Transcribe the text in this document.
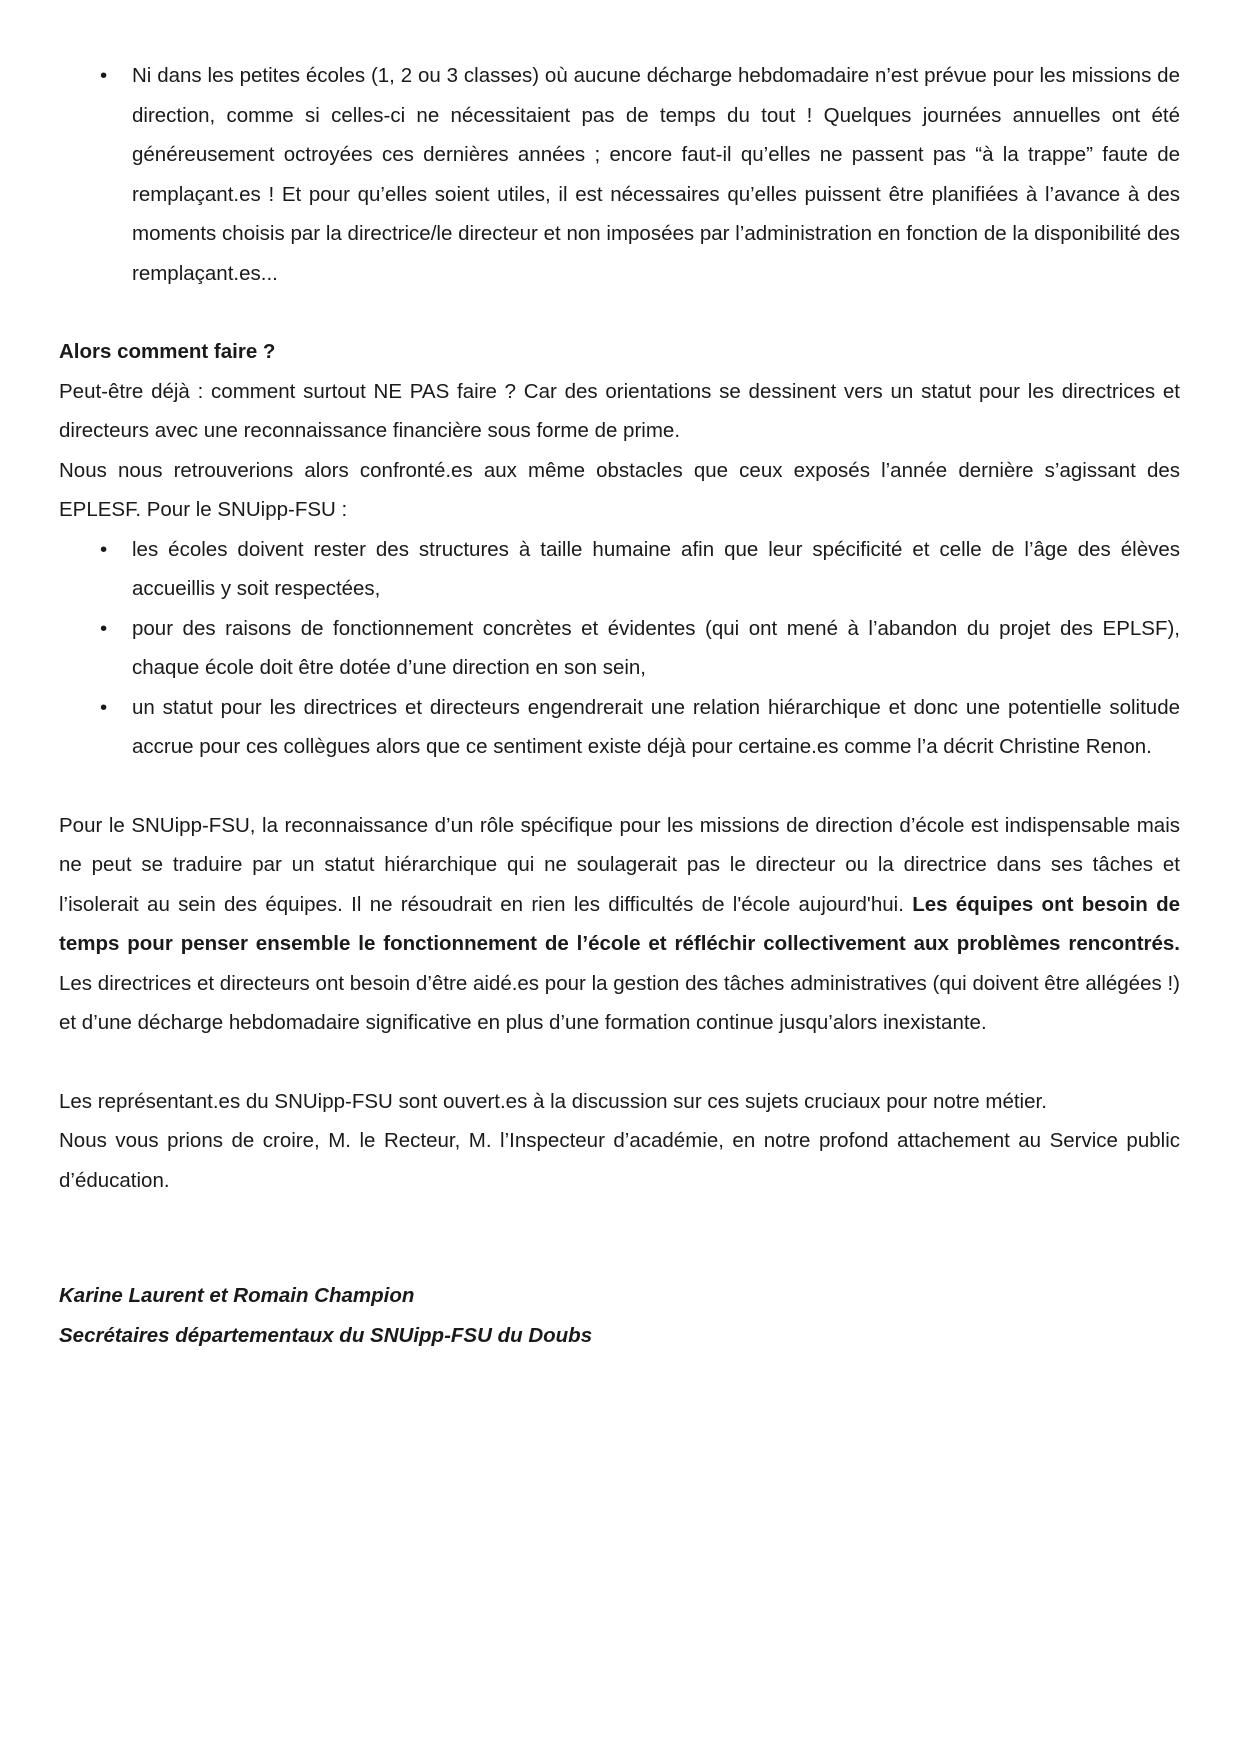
• Ni dans les petites écoles (1, 2 ou 3 classes) où aucune décharge hebdomadaire n’est prévue pour les missions de direction, comme si celles-ci ne nécessitaient pas de temps du tout ! Quelques journées annuelles ont été généreusement octroyées ces dernières années ; encore faut-il qu’elles ne passent pas “à la trappe” faute de remplaçant.es ! Et pour qu’elles soient utiles, il est nécessaires qu’elles puissent être planifiées à l’avance à des moments choisis par la directrice/le directeur et non imposées par l’administration en fonction de la disponibilité des remplaçant.es...

Alors comment faire ?

Peut-être déjà : comment surtout NE PAS faire ? Car des orientations se dessinent vers un statut pour les directrices et directeurs avec une reconnaissance financière sous forme de prime.

Nous nous retrouverions alors confronté.es aux même obstacles que ceux exposés l’année dernière s’agissant des EPLESF. Pour le SNUipp-FSU :

• les écoles doivent rester des structures à taille humaine afin que leur spécificité et celle de l’âge des élèves accueillis y soit respectées,
• pour des raisons de fonctionnement concrètes et évidentes (qui ont mené à l’abandon du projet des EPLSF), chaque école doit être dotée d’une direction en son sein,
• un statut pour les directrices et directeurs engendrerait une relation hiérarchique et donc une potentielle solitude accrue pour ces collègues alors que ce sentiment existe déjà pour certaine.es comme l’a décrit Christine Renon.

Pour le SNUipp-FSU, la reconnaissance d’un rôle spécifique pour les missions de direction d’école est indispensable mais ne peut se traduire par un statut hiérarchique qui ne soulagerait pas le directeur ou la directrice dans ses tâches et l’isolerait au sein des équipes. Il ne résoudrait en rien les difficultés de l'école aujourd'hui. Les équipes ont besoin de temps pour penser ensemble le fonctionnement de l’école et réfléchir collectivement aux problèmes rencontrés. Les directrices et directeurs ont besoin d’être aidé.es pour la gestion des tâches administratives (qui doivent être allégées !) et d’une décharge hebdomadaire significative en plus d’une formation continue jusqu’alors inexistante.

Les représentant.es du SNUipp-FSU sont ouvert.es à la discussion sur ces sujets cruciaux pour notre métier.

Nous vous prions de croire, M. le Recteur, M. l’Inspecteur d’académie, en notre profond attachement au Service public d’éducation.

Karine Laurent et Romain Champion

Secrétaires départementaux du SNUipp-FSU du Doubs
